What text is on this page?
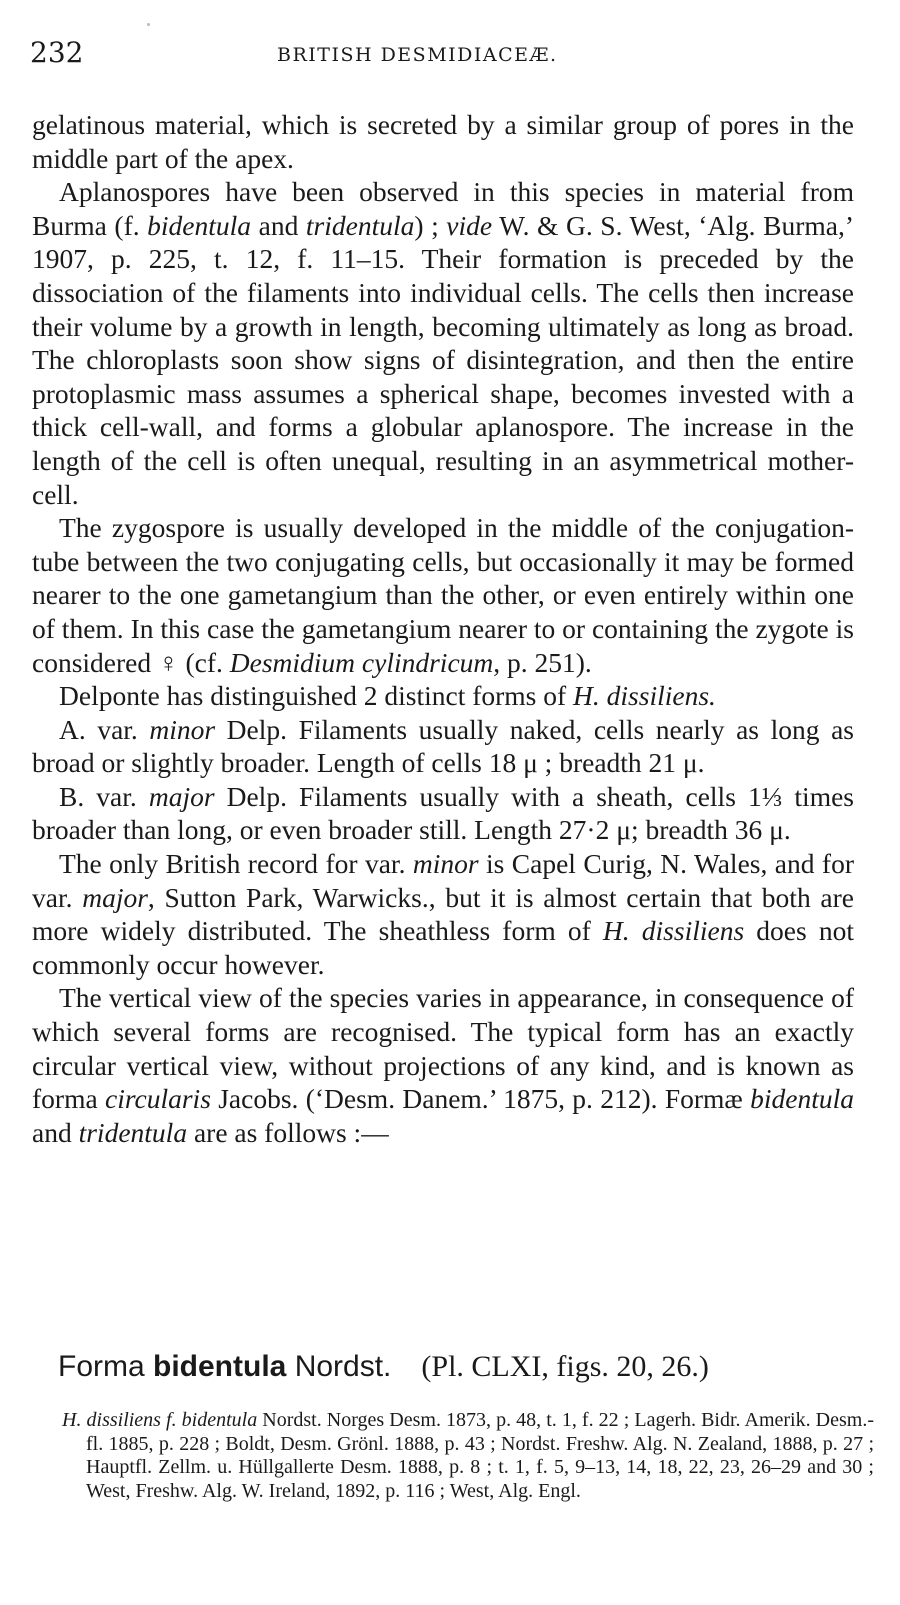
232	BRITISH DESMIDIACEÆ.

gelatinous material, which is secreted by a similar group of pores in the middle part of the apex.

Aplanospores have been observed in this species in material from Burma (f. bidentula and tridentula) ; vide W. & G. S. West, ‘Alg. Burma,’ 1907, p. 225, t. 12, f. 11–15. Their formation is preceded by the dissociation of the filaments into individual cells. The cells then increase their volume by a growth in length, becoming ultimately as long as broad. The chloroplasts soon show signs of disintegration, and then the entire protoplasmic mass assumes a spherical shape, becomes invested with a thick cell-wall, and forms a globular aplanospore. The increase in the length of the cell is often unequal, resulting in an asymmetrical mother-cell.

The zygospore is usually developed in the middle of the conjugation-tube between the two conjugating cells, but occasionally it may be formed nearer to the one gametangium than the other, or even entirely within one of them. In this case the gametangium nearer to or containing the zygote is considered ♀ (cf. Desmidium cylindricum, p. 251).

Delponte has distinguished 2 distinct forms of H. dissiliens.

A. var. minor Delp. Filaments usually naked, cells nearly as long as broad or slightly broader. Length of cells 18 μ ; breadth 21 μ.

B. var. major Delp. Filaments usually with a sheath, cells 1⅓ times broader than long, or even broader still. Length 27·2 μ; breadth 36 μ.

The only British record for var. minor is Capel Curig, N. Wales, and for var. major, Sutton Park, Warwicks., but it is almost certain that both are more widely distributed. The sheathless form of H. dissiliens does not commonly occur however.

The vertical view of the species varies in appearance, in consequence of which several forms are recognised. The typical form has an exactly circular vertical view, without projections of any kind, and is known as forma circularis Jacobs. (‘Desm. Danem.’ 1875, p. 212). Formæ bidentula and tridentula are as follows :—

Forma bidentula Nordst. (Pl. CLXI, figs. 20, 26.)
H. dissiliens f. bidentula Nordst. Norges Desm. 1873, p. 48, t. 1, f. 22 ; Lagerh. Bidr. Amerik. Desm.-fl. 1885, p. 228 ; Boldt, Desm. Grönl. 1888, p. 43 ; Nordst. Freshw. Alg. N. Zealand, 1888, p. 27 ; Hauptfl. Zellm. u. Hüllgallerte Desm. 1888, p. 8 ; t. 1, f. 5, 9–13, 14, 18, 22, 23, 26–29 and 30 ; West, Freshw. Alg. W. Ireland, 1892, p. 116 ; West, Alg. Engl.
